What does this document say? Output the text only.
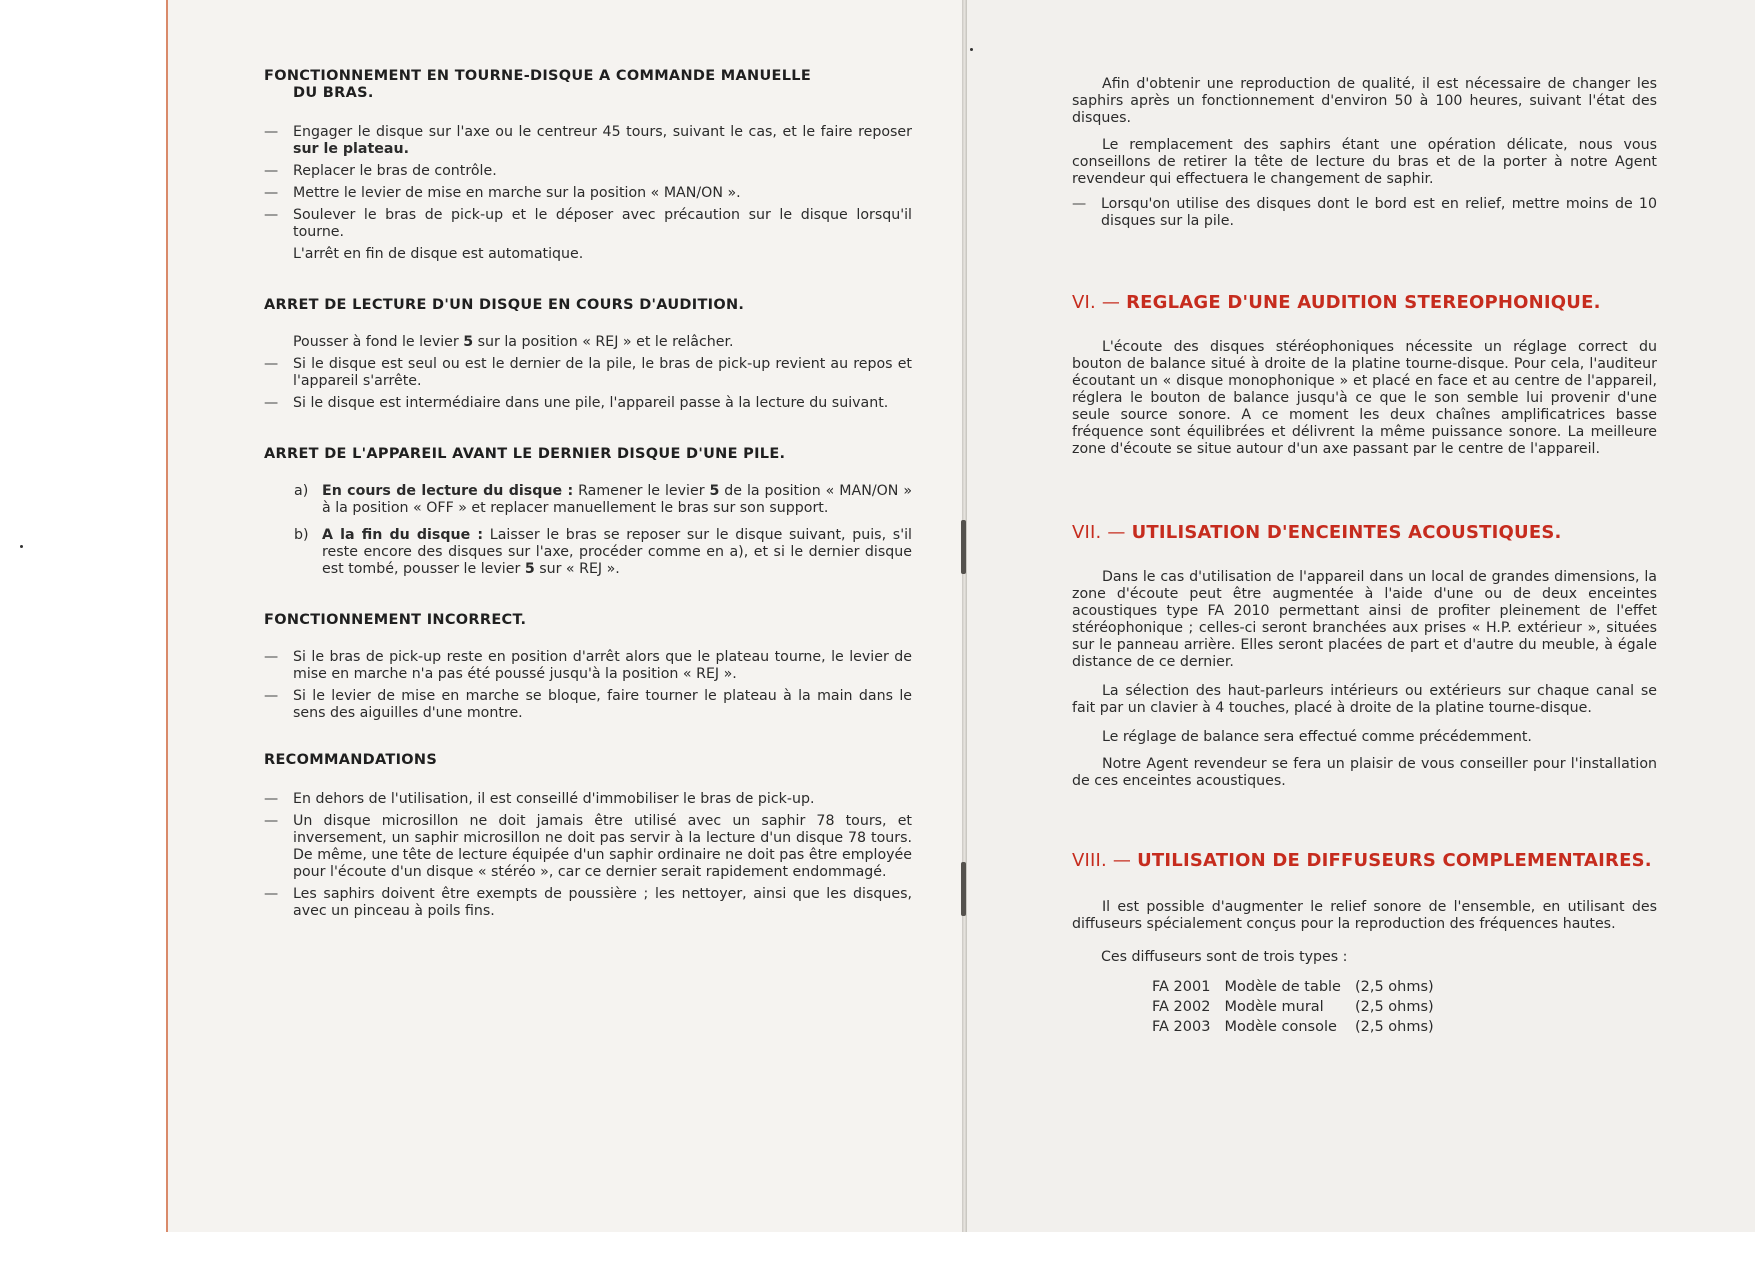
FONCTIONNEMENT EN TOURNE-DISQUE A COMMANDE MANUELLE
DU BRAS.

— Engager le disque sur l'axe ou le centreur 45 tours, suivant le cas, et le faire reposer sur le plateau.

— Replacer le bras de contrôle.

— Mettre le levier de mise en marche sur la position « MAN/ON ».

— Soulever le bras de pick-up et le déposer avec précaution sur le disque lorsqu'il tourne.

L'arrêt en fin de disque est automatique.

ARRET DE LECTURE D'UN DISQUE EN COURS D'AUDITION.

Pousser à fond le levier 5 sur la position « REJ » et le relâcher.

— Si le disque est seul ou est le dernier de la pile, le bras de pick-up revient au repos et l'appareil s'arrête.

— Si le disque est intermédiaire dans une pile, l'appareil passe à la lecture du suivant.

ARRET DE L'APPAREIL AVANT LE DERNIER DISQUE D'UNE PILE.

a) En cours de lecture du disque : Ramener le levier 5 de la position « MAN/ON » à la position « OFF » et replacer manuellement le bras sur son support.

b) A la fin du disque : Laisser le bras se reposer sur le disque suivant, puis, s'il reste encore des disques sur l'axe, procéder comme en a), et si le dernier disque est tombé, pousser le levier 5 sur « REJ ».

FONCTIONNEMENT INCORRECT.

— Si le bras de pick-up reste en position d'arrêt alors que le plateau tourne, le levier de mise en marche n'a pas été poussé jusqu'à la position « REJ ».

— Si le levier de mise en marche se bloque, faire tourner le plateau à la main dans le sens des aiguilles d'une montre.

RECOMMANDATIONS

— En dehors de l'utilisation, il est conseillé d'immobiliser le bras de pick-up.

— Un disque microsillon ne doit jamais être utilisé avec un saphir 78 tours, et inversement, un saphir microsillon ne doit pas servir à la lecture d'un disque 78 tours. De même, une tête de lecture équipée d'un saphir ordinaire ne doit pas être employée pour l'écoute d'un disque « stéréo », car ce dernier serait rapidement endommagé.

— Les saphirs doivent être exempts de poussière ; les nettoyer, ainsi que les disques, avec un pinceau à poils fins.

Afin d'obtenir une reproduction de qualité, il est nécessaire de changer les saphirs après un fonctionnement d'environ 50 à 100 heures, suivant l'état des disques.

Le remplacement des saphirs étant une opération délicate, nous vous conseillons de retirer la tête de lecture du bras et de la porter à notre Agent revendeur qui effectuera le changement de saphir.

— Lorsqu'on utilise des disques dont le bord est en relief, mettre moins de 10 disques sur la pile.

VI. — REGLAGE D'UNE AUDITION STEREOPHONIQUE.

L'écoute des disques stéréophoniques nécessite un réglage correct du bouton de balance situé à droite de la platine tourne-disque. Pour cela, l'auditeur écoutant un « disque monophonique » et placé en face et au centre de l'appareil, réglera le bouton de balance jusqu'à ce que le son semble lui provenir d'une seule source sonore. A ce moment les deux chaînes amplificatrices basse fréquence sont équilibrées et délivrent la même puissance sonore. La meilleure zone d'écoute se situe autour d'un axe passant par le centre de l'appareil.

VII. — UTILISATION D'ENCEINTES ACOUSTIQUES.

Dans le cas d'utilisation de l'appareil dans un local de grandes dimensions, la zone d'écoute peut être augmentée à l'aide d'une ou de deux enceintes acoustiques type FA 2010 permettant ainsi de profiter pleinement de l'effet stéréophonique ; celles-ci seront branchées aux prises « H.P. extérieur », situées sur le panneau arrière. Elles seront placées de part et d'autre du meuble, à égale distance de ce dernier.

La sélection des haut-parleurs intérieurs ou extérieurs sur chaque canal se fait par un clavier à 4 touches, placé à droite de la platine tourne-disque.

Le réglage de balance sera effectué comme précédemment.

Notre Agent revendeur se fera un plaisir de vous conseiller pour l'installation de ces enceintes acoustiques.

VIII. — UTILISATION DE DIFFUSEURS COMPLEMENTAIRES.

Il est possible d'augmenter le relief sonore de l'ensemble, en utilisant des diffuseurs spécialement conçus pour la reproduction des fréquences hautes.

Ces diffuseurs sont de trois types :

FA 2001	Modèle de table	(2,5 ohms)
FA 2002	Modèle mural	(2,5 ohms)
FA 2003	Modèle console	(2,5 ohms)
